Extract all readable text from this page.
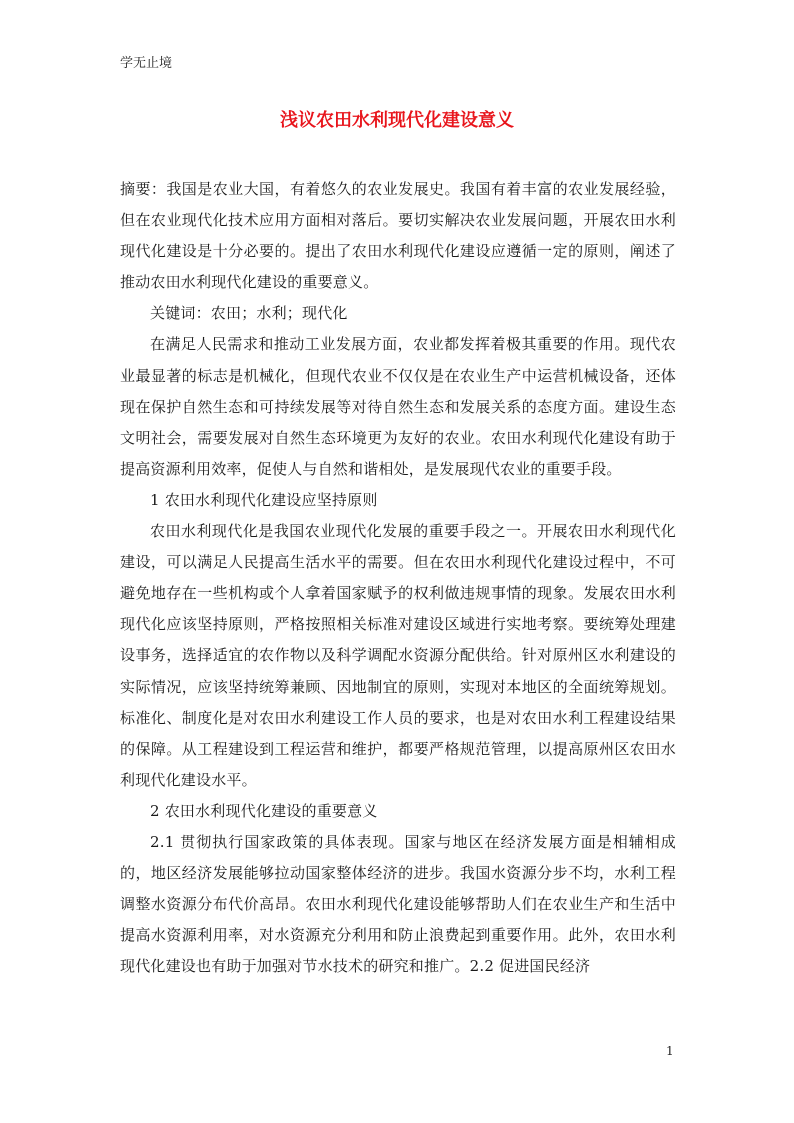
学无止境
浅议农田水利现代化建设意义

摘要：我国是农业大国，有着悠久的农业发展史。我国有着丰富的农业发展经验，但在农业现代化技术应用方面相对落后。要切实解决农业发展问题，开展农田水利现代化建设是十分必要的。提出了农田水利现代化建设应遵循一定的原则，阐述了推动农田水利现代化建设的重要意义。

关键词：农田；水利；现代化

在满足人民需求和推动工业发展方面，农业都发挥着极其重要的作用。现代农业最显著的标志是机械化，但现代农业不仅仅是在农业生产中运营机械设备，还体现在保护自然生态和可持续发展等对待自然生态和发展关系的态度方面。建设生态文明社会，需要发展对自然生态环境更为友好的农业。农田水利现代化建设有助于提高资源利用效率，促使人与自然和谐相处，是发展现代农业的重要手段。

1 农田水利现代化建设应坚持原则

农田水利现代化是我国农业现代化发展的重要手段之一。开展农田水利现代化建设，可以满足人民提高生活水平的需要。但在农田水利现代化建设过程中，不可避免地存在一些机构或个人拿着国家赋予的权利做违规事情的现象。发展农田水利现代化应该坚持原则，严格按照相关标准对建设区域进行实地考察。要统筹处理建设事务，选择适宜的农作物以及科学调配水资源分配供给。针对原州区水利建设的实际情况，应该坚持统筹兼顾、因地制宜的原则，实现对本地区的全面统筹规划。标准化、制度化是对农田水利建设工作人员的要求，也是对农田水利工程建设结果的保障。从工程建设到工程运营和维护，都要严格规范管理，以提高原州区农田水利现代化建设水平。

2 农田水利现代化建设的重要意义

2.1 贯彻执行国家政策的具体表现。国家与地区在经济发展方面是相辅相成的，地区经济发展能够拉动国家整体经济的进步。我国水资源分步不均，水利工程调整水资源分布代价高昂。农田水利现代化建设能够帮助人们在农业生产和生活中提高水资源利用率，对水资源充分利用和防止浪费起到重要作用。此外，农田水利现代化建设也有助于加强对节水技术的研究和推广。2.2 促进国民经济

1
